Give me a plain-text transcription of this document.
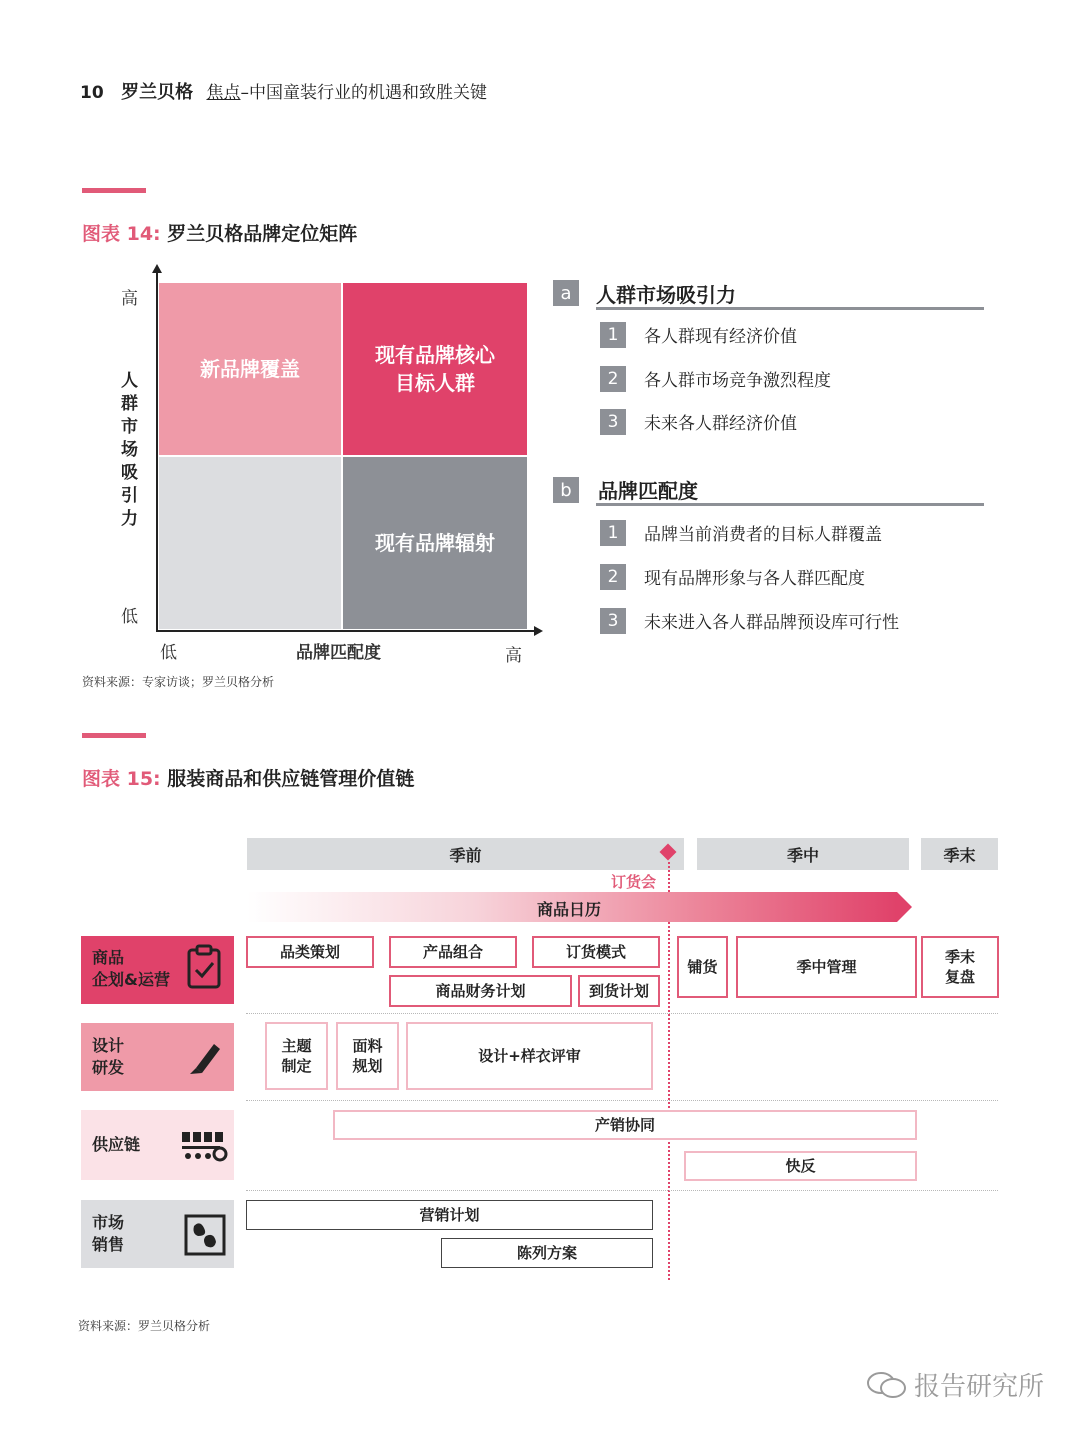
10 罗兰贝格 焦点–中国童装行业的机遇和致胜关键
图表 14: 罗兰贝格品牌定位矩阵
新品牌覆盖
现有品牌核心
目标人群
现有品牌辐射
高
低
人群市场吸引力
低	品牌匹配度	高
a	人群市场吸引力
1	各人群现有经济价值
2	各人群市场竞争激烈程度
3	未来各人群经济价值
b	品牌匹配度
1	品牌当前消费者的目标人群覆盖
2	现有品牌形象与各人群匹配度
3	未来进入各人群品牌预设库可行性
资料来源：专家访谈；罗兰贝格分析
图表 15: 服装商品和供应链管理价值链
季前	季中	季末
订货会
商品日历
商品
企划&运营
品类策划	产品组合	订货模式
商品财务计划	到货计划
铺货	季中管理
季末
复盘
设计
研发
主题
制定
面料
规划
设计+样衣评审
供应链
产销协同
快反
市场
销售
营销计划
陈列方案
资料来源：罗兰贝格分析
报告研究所
